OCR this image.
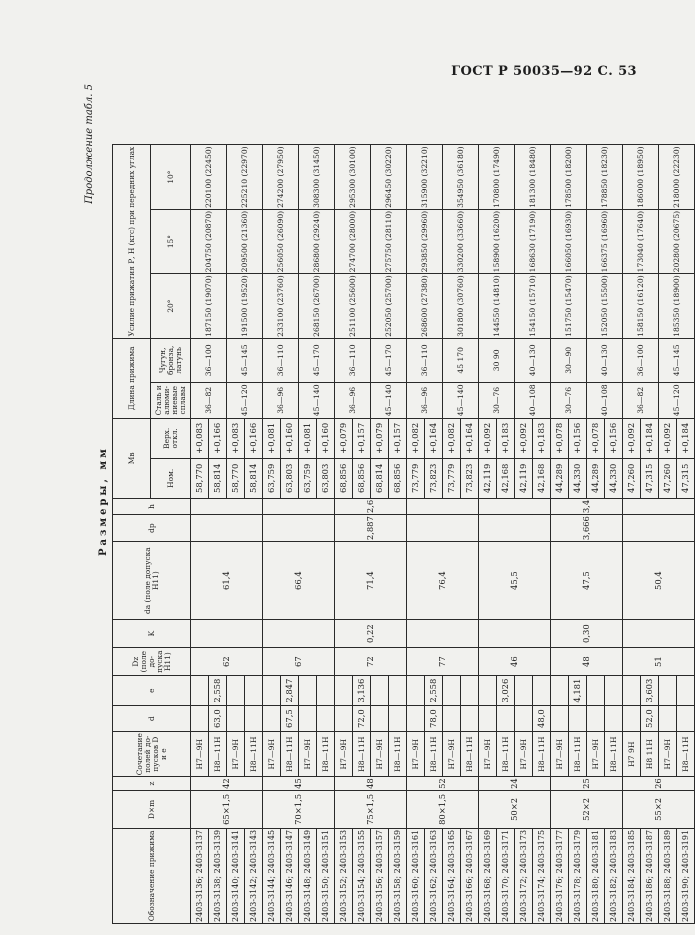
ГОСТ Р 50035—92 С. 53
Продолжение табл. 5
Размеры, мм
Обозначение прижима	D×m	z	Сочетание полей до-пусков D и e	d	e	Dz (поле до-пуска H11)	K	da (поле допуска H11)	dp	h	Mв		Длина прижима		Усилие прижатия Р, Н (кгс) при передних углах		
											Ном.	Верх. откл.	Сталь и алюми-ниевые сплавы	Чугун, бронза, латунь	20°	15°	10°
2403-3136; 2403-3137	65×1,5	42	H7—9H			62		61,4			58,770	+0,083	36—82	36—100	187150 (19070)	204750 (20870)	220100 (22450)
2403-3138; 2403-3139			H8—11H	63,0	2,558						58,814	+0,166					
2403-3140; 2403-3141			H7—9H								58,770	+0,083	45—120	45—145	191500 (19520)	209500 (21360)	225210 (22970)
2403-3142; 2403-3143			H8—11H								58,814	+0,166					
2403-3144; 2403-3145	70×1,5	45	H7—9H			67		66,4			63,759	+0,081	36—96	36—110	233100 (23760)	256050 (26090)	274200 (27950)
2403-3146; 2403-3147			H8—11H	67,5	2,847						63,803	+0,160					
2403-3148; 2403-3149			H7—9H								63,759	+0,081	45—140	45—170	268150 (26700)	286800 (29240)	308300 (31450)
2403-3150; 2403-3151			H8—11H								63,803	+0,160					
2403-3152; 2403-3153	75×1,5	48	H7—9H			72	0,22	71,4	2,887	2,6	68,856	+0,079	36—96	36—110	251100 (25600)	274700 (28000)	295300 (30100)
2403-3154; 2403-3155			H8—11H	72,0	3,136						68,856	+0,157					
2403-3156; 2403-3157			H7—9H								68,814	+0,079	45—140	45—170	252050 (25700)	275750 (28110)	296450 (30220)
2403-3158; 2403-3159			H8—11H								68,856	+0,157					
2403-3160; 2403-3161	80×1,5	52	H7—9H			77		76,4			73,779	+0,082	36—96	36—110	268600 (27380)	293850 (29960)	315900 (32210)
2403-3162; 2403-3163			H8—11H	78,0	2,558						73,823	+0,164					
2403-3164; 2403-3165			H7—9H								73,779	+0,082	45—140	45 170	301800 (30760)	330200 (33660)	354950 (36180)
2403-3166; 2403-3167			H8—11H								73,823	+0,164					
2403-3168; 2403-3169	50×2	24	H7—9H			46		45,5			42,119	+0,092	30—76	30 90	144550 (14810)	158900 (16200)	170800 (17490)
2403-3170; 2403-3171			H8—11H		3,026						42,168	+0,183					
2403-3172; 2403-3173			H7—9H								42,119	+0,092	40—108	40—130	154150 (15710)	168630 (17190)	181300 (18480)
2403-3174; 2403-3175			H8—11H	48,0							42,168	+0,183					
2403-3176; 2403-3177	52×2	25	H7—9H			48	0,30	47,5	3,666	3,4	44,289	+0,078	30—76	30—90	151750 (15470)	166050 (16930)	178500 (18200)
2403-3178; 2403-3179			H8—11H		4,181						44,330	+0,156					
2403-3180; 2403-3181			H7—9H								44,289	+0,078	40—108	40—130	152050 (15500)	166375 (16960)	178850 (18230)
2403-3182; 2403-3183			H8—11H								44,330	+0,156					
2403-3184; 2403-3185	55×2	26	H7 9H			51		50,4			47,260	+0,092	36—82	36—100	158150 (16120)	173040 (17640)	186000 (18950)
2403-3186; 2403-3187			H8 11H	52,0	3,603						47,315	+0,184					
2403-3188; 2403-3189			H7—9H								47,260	+0,092	45—120	45—145	185350 (18900)	202800 (20675)	218000 (22230)
2403-3190; 2403-3191			H8—11H								47,315	+0,184					
